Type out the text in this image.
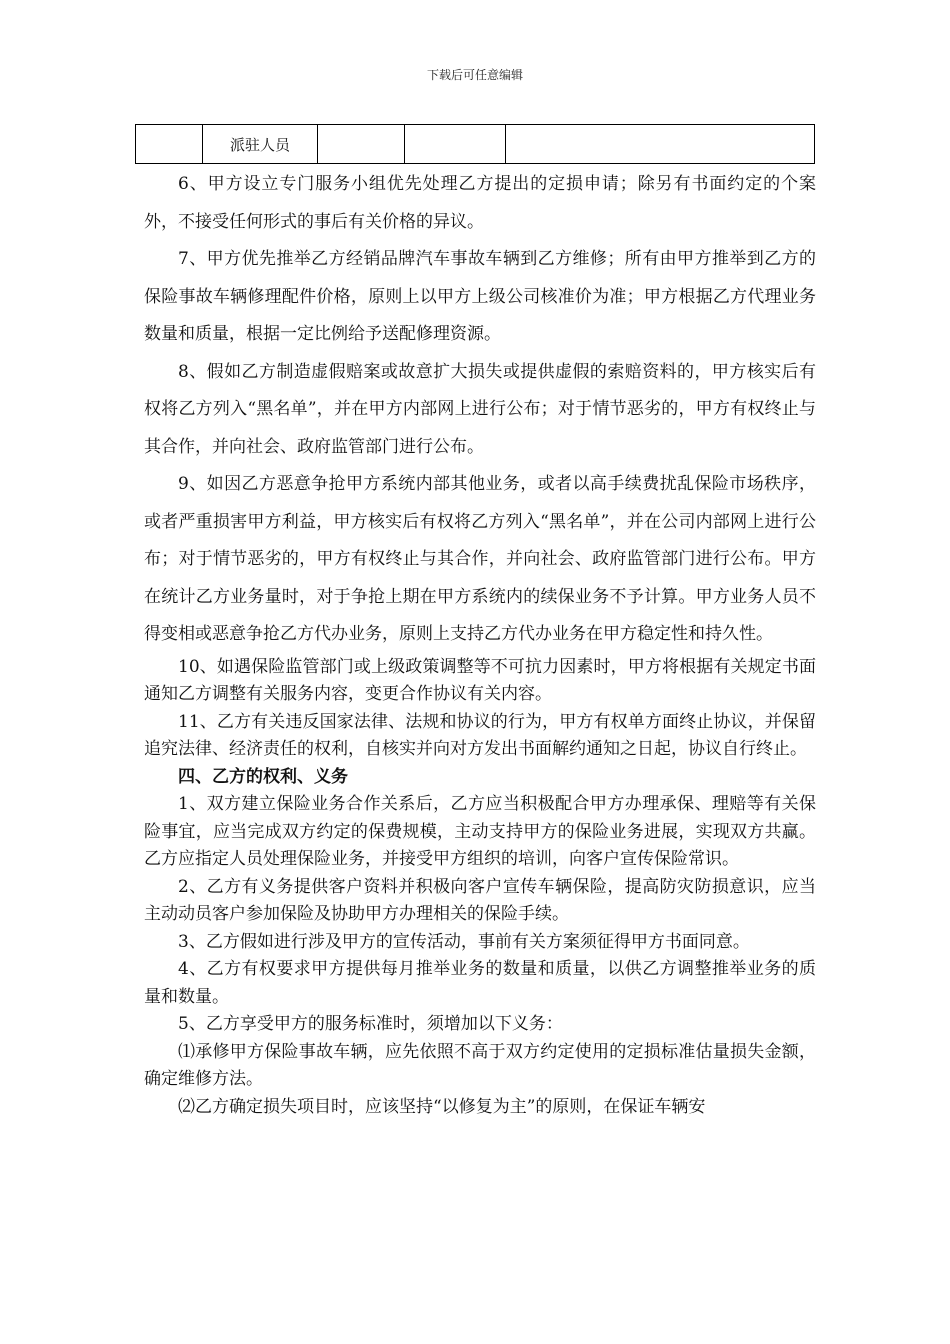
下载后可任意编辑
	派驻人员			

6、甲方设立专门服务小组优先处理乙方提出的定损申请；除另有书面约定的个案外，不接受任何形式的事后有关价格的异议。

7、甲方优先推举乙方经销品牌汽车事故车辆到乙方维修；所有由甲方推举到乙方的保险事故车辆修理配件价格，原则上以甲方上级公司核准价为准；甲方根据乙方代理业务数量和质量，根据一定比例给予送配修理资源。

8、假如乙方制造虚假赔案或故意扩大损失或提供虚假的索赔资料的，甲方核实后有权将乙方列入“黑名单”，并在甲方内部网上进行公布；对于情节恶劣的，甲方有权终止与其合作，并向社会、政府监管部门进行公布。

9、如因乙方恶意争抢甲方系统内部其他业务，或者以高手续费扰乱保险市场秩序，或者严重损害甲方利益，甲方核实后有权将乙方列入“黑名单”，并在公司内部网上进行公布；对于情节恶劣的，甲方有权终止与其合作，并向社会、政府监管部门进行公布。甲方在统计乙方业务量时，对于争抢上期在甲方系统内的续保业务不予计算。甲方业务人员不得变相或恶意争抢乙方代办业务，原则上支持乙方代办业务在甲方稳定性和持久性。

10、如遇保险监管部门或上级政策调整等不可抗力因素时，甲方将根据有关规定书面通知乙方调整有关服务内容，变更合作协议有关内容。

11、乙方有关违反国家法律、法规和协议的行为，甲方有权单方面终止协议，并保留追究法律、经济责任的权利，自核实并向对方发出书面解约通知之日起，协议自行终止。

四、乙方的权利、义务

1、双方建立保险业务合作关系后，乙方应当积极配合甲方办理承保、理赔等有关保险事宜，应当完成双方约定的保费规模，主动支持甲方的保险业务进展，实现双方共赢。乙方应指定人员处理保险业务，并接受甲方组织的培训，向客户宣传保险常识。

2、乙方有义务提供客户资料并积极向客户宣传车辆保险，提高防灾防损意识，应当主动动员客户参加保险及协助甲方办理相关的保险手续。

3、乙方假如进行涉及甲方的宣传活动，事前有关方案须征得甲方书面同意。

4、乙方有权要求甲方提供每月推举业务的数量和质量，以供乙方调整推举业务的质量和数量。

5、乙方享受甲方的服务标准时，须增加以下义务：

⑴承修甲方保险事故车辆，应先依照不高于双方约定使用的定损标准估量损失金额，确定维修方法。

⑵乙方确定损失项目时，应该坚持“以修复为主”的原则，在保证车辆安
